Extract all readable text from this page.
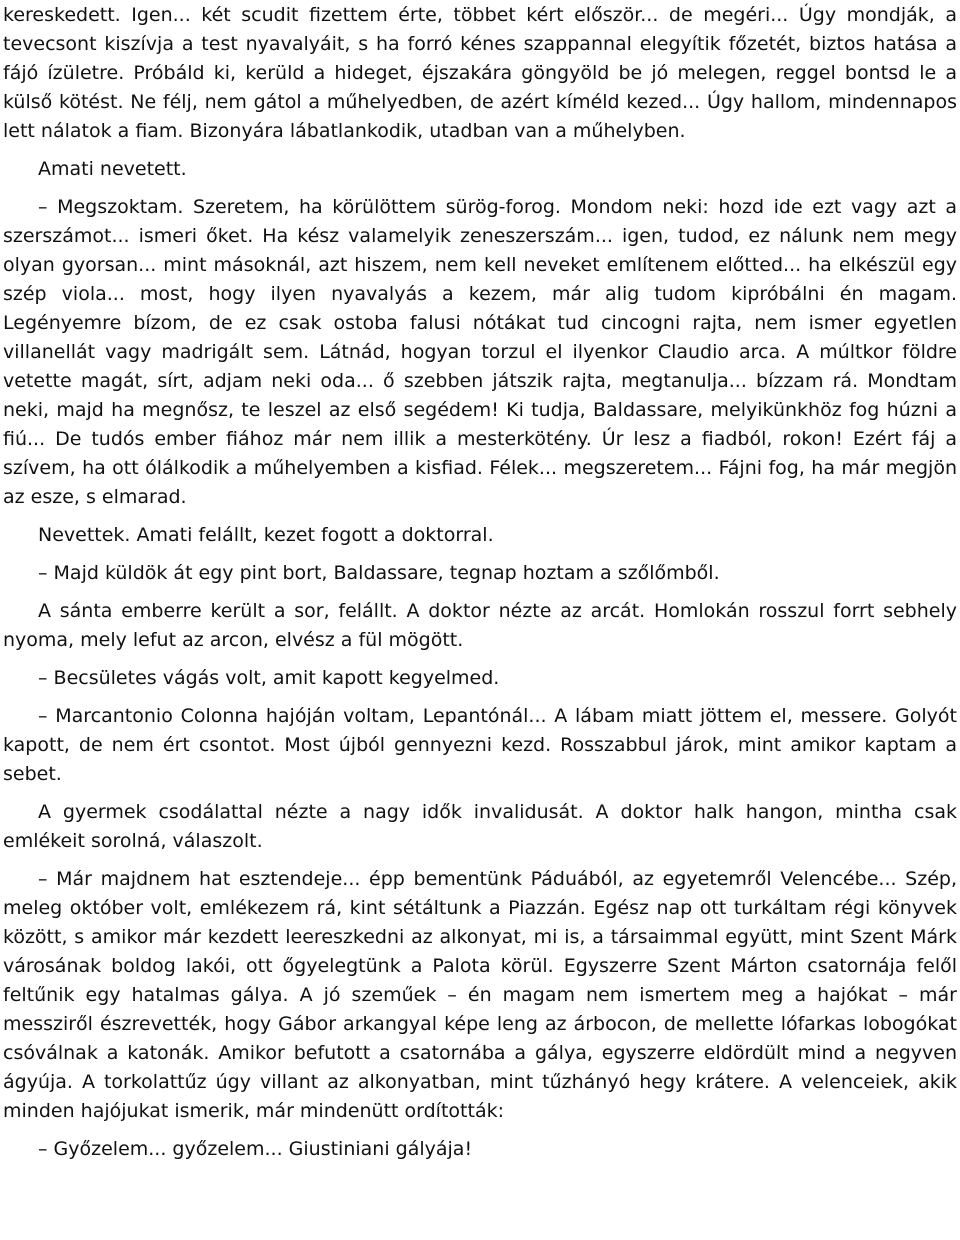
kereskedett. Igen... két scudit fizettem érte, többet kért először... de megéri... Úgy mondják, a tevecsont kiszívja a test nyavalyáit, s ha forró kénes szappannal elegyítik főzetét, biztos hatása a fájó ízületre. Próbáld ki, kerüld a hideget, éjszakára göngyöld be jó melegen, reggel bontsd le a külső kötést. Ne félj, nem gátol a műhelyedben, de azért kíméld kezed... Úgy hallom, mindennapos lett nálatok a fiam. Bizonyára lábatlankodik, utadban van a műhelyben.

Amati nevetett.

– Megszoktam. Szeretem, ha körülöttem sürög-forog. Mondom neki: hozd ide ezt vagy azt a szerszámot... ismeri őket. Ha kész valamelyik zeneszerszám... igen, tudod, ez nálunk nem megy olyan gyorsan... mint másoknál, azt hiszem, nem kell neveket említenem előtted... ha elkészül egy szép viola... most, hogy ilyen nyavalyás a kezem, már alig tudom kipróbálni én magam. Legényemre bízom, de ez csak ostoba falusi nótákat tud cincogni rajta, nem ismer egyetlen villanellát vagy madrigált sem. Látnád, hogyan torzul el ilyenkor Claudio arca. A múltkor földre vetette magát, sírt, adjam neki oda... ő szebben játszik rajta, megtanulja... bízzam rá. Mondtam neki, majd ha megnősz, te leszel az első segédem! Ki tudja, Baldassare, melyikünkhöz fog húzni a fiú... De tudós ember fiához már nem illik a mesterkötény. Úr lesz a fiadból, rokon! Ezért fáj a szívem, ha ott ólálkodik a műhelyemben a kisfiad. Félek... megszeretem... Fájni fog, ha már megjön az esze, s elmarad.

Nevettek. Amati felállt, kezet fogott a doktorral.

– Majd küldök át egy pint bort, Baldassare, tegnap hoztam a szőlőmből.

A sánta emberre került a sor, felállt. A doktor nézte az arcát. Homlokán rosszul forrt sebhely nyoma, mely lefut az arcon, elvész a fül mögött.

– Becsületes vágás volt, amit kapott kegyelmed.

– Marcantonio Colonna hajóján voltam, Lepantónál... A lábam miatt jöttem el, messere. Golyót kapott, de nem ért csontot. Most újból gennyezni kezd. Rosszabbul járok, mint amikor kaptam a sebet.

A gyermek csodálattal nézte a nagy idők invalidusát. A doktor halk hangon, mintha csak emlékeit sorolná, válaszolt.

– Már majdnem hat esztendeje... épp bementünk Páduából, az egyetemről Velencébe... Szép, meleg október volt, emlékezem rá, kint sétáltunk a Piazzán. Egész nap ott turkáltam régi könyvek között, s amikor már kezdett leereszkedni az alkonyat, mi is, a társaimmal együtt, mint Szent Márk városának boldog lakói, ott őgyelegtünk a Palota körül. Egyszerre Szent Márton csatornája felől feltűnik egy hatalmas gálya. A jó szeműek – én magam nem ismertem meg a hajókat – már messziről észrevették, hogy Gábor arkangyal képe leng az árbocon, de mellette lófarkas lobogókat csóválnak a katonák. Amikor befutott a csatornába a gálya, egyszerre eldördült mind a negyven ágyúja. A torkolattűz úgy villant az alkonyatban, mint tűzhányó hegy krátere. A velenceiek, akik minden hajójukat ismerik, már mindenütt ordították:

– Győzelem... győzelem... Giustiniani gályája!
